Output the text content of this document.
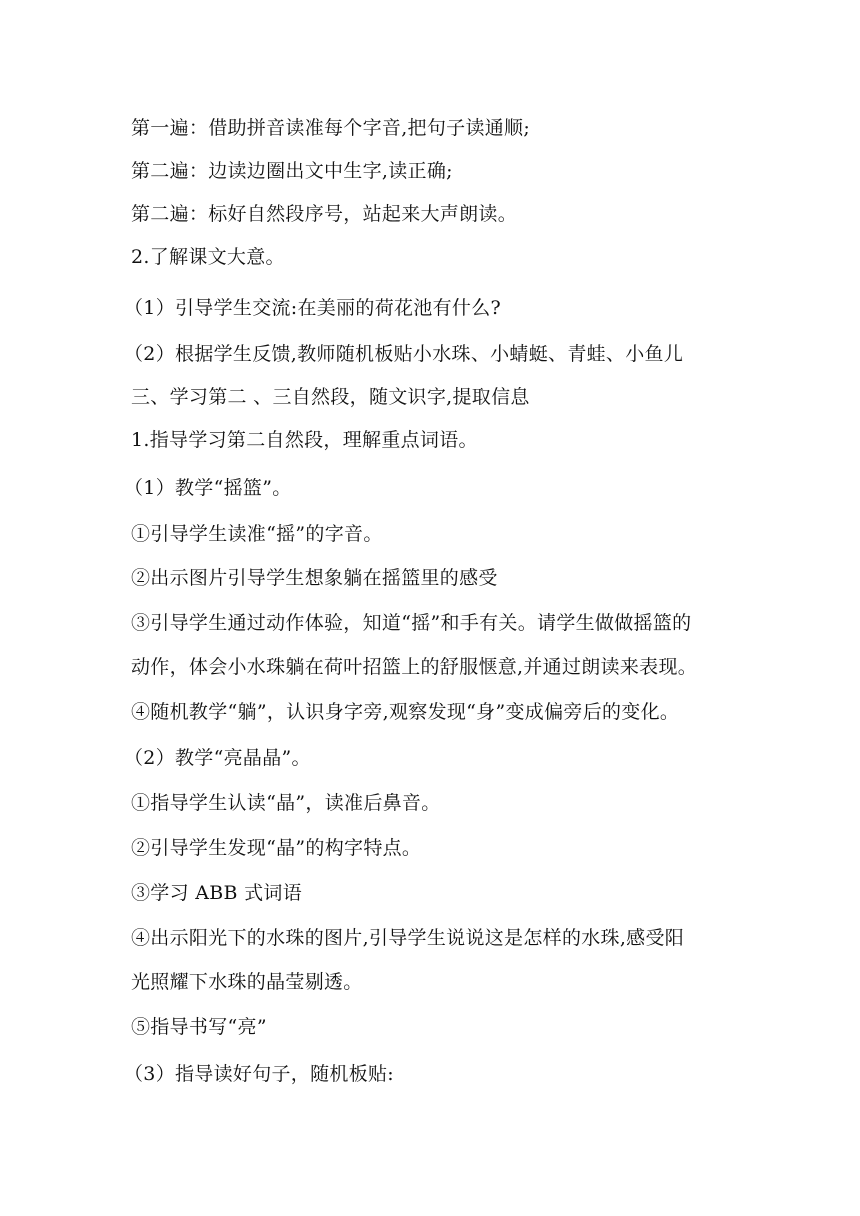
第一遍：借助拼音读准每个字音,把句子读通顺;
第二遍：边读边圈出文中生字,读正确;
第二遍：标好自然段序号，站起来大声朗读。
2.了解课文大意。
（1）引导学生交流:在美丽的荷花池有什么?
（2）根据学生反馈,教师随机板贴小水珠、小蜻蜓、青蛙、小鱼儿
三、学习第二 、三自然段，随文识字,提取信息
1.指导学习第二自然段，理解重点词语。
（1）教学“摇篮”。
①引导学生读准“摇”的字音。
②出示图片引导学生想象躺在摇篮里的感受
③引导学生通过动作体验，知道“摇”和手有关。请学生做做摇篮的
动作，体会小水珠躺在荷叶招篮上的舒服惬意,并通过朗读来表现。
④随机教学“躺”，认识身字旁,观察发现“身”变成偏旁后的变化。
（2）教学“亮晶晶”。
①指导学生认读“晶”，读准后鼻音。
②引导学生发现“晶”的构字特点。
③学习 ABB 式词语
④出示阳光下的水珠的图片,引导学生说说这是怎样的水珠,感受阳
光照耀下水珠的晶莹剔透。
⑤指导书写“亮”
（3）指导读好句子，随机板贴:
